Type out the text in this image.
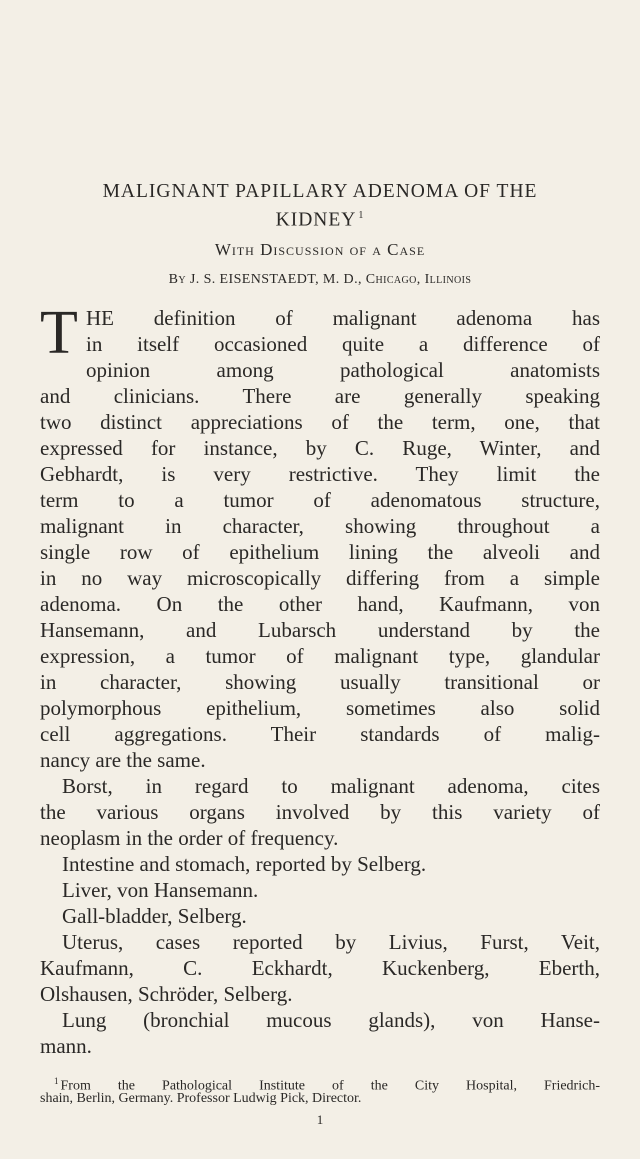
MALIGNANT PAPILLARY ADENOMA OF THE
KIDNEY $^1$
With Discussion of a Case
By J. S. EISENSTAEDT, M. D., Chicago, Illinois
T HE definition of malignant adenoma has
in itself occasioned quite a difference of
opinion among pathological anatomists
and clinicians. There are generally speaking
two distinct appreciations of the term, one, that
expressed for instance, by C. Ruge, Winter, and
Gebhardt, is very restrictive. They limit the
term to a tumor of adenomatous structure,
malignant in character, showing throughout a
single row of epithelium lining the alveoli and
in no way microscopically differing from a simple
adenoma. On the other hand, Kaufmann, von
Hansemann, and Lubarsch understand by the
expression, a tumor of malignant type, glandular
in character, showing usually transitional or
polymorphous epithelium, sometimes also solid
cell aggregations. Their standards of malig-
nancy are the same.
Borst, in regard to malignant adenoma, cites
the various organs involved by this variety of
neoplasm in the order of frequency.
Intestine and stomach, reported by Selberg.
Liver, von Hansemann.
Gall-bladder, Selberg.
Uterus, cases reported by Livius, Furst, Veit,
Kaufmann, C. Eckhardt, Kuckenberg, Eberth,
Olshausen, Schröder, Selberg.
Lung (bronchial mucous glands), von Hanse-
mann.
$^1$ From the Pathological Institute of the City Hospital, Friedrich-
shain, Berlin, Germany. Professor Ludwig Pick, Director.
1
